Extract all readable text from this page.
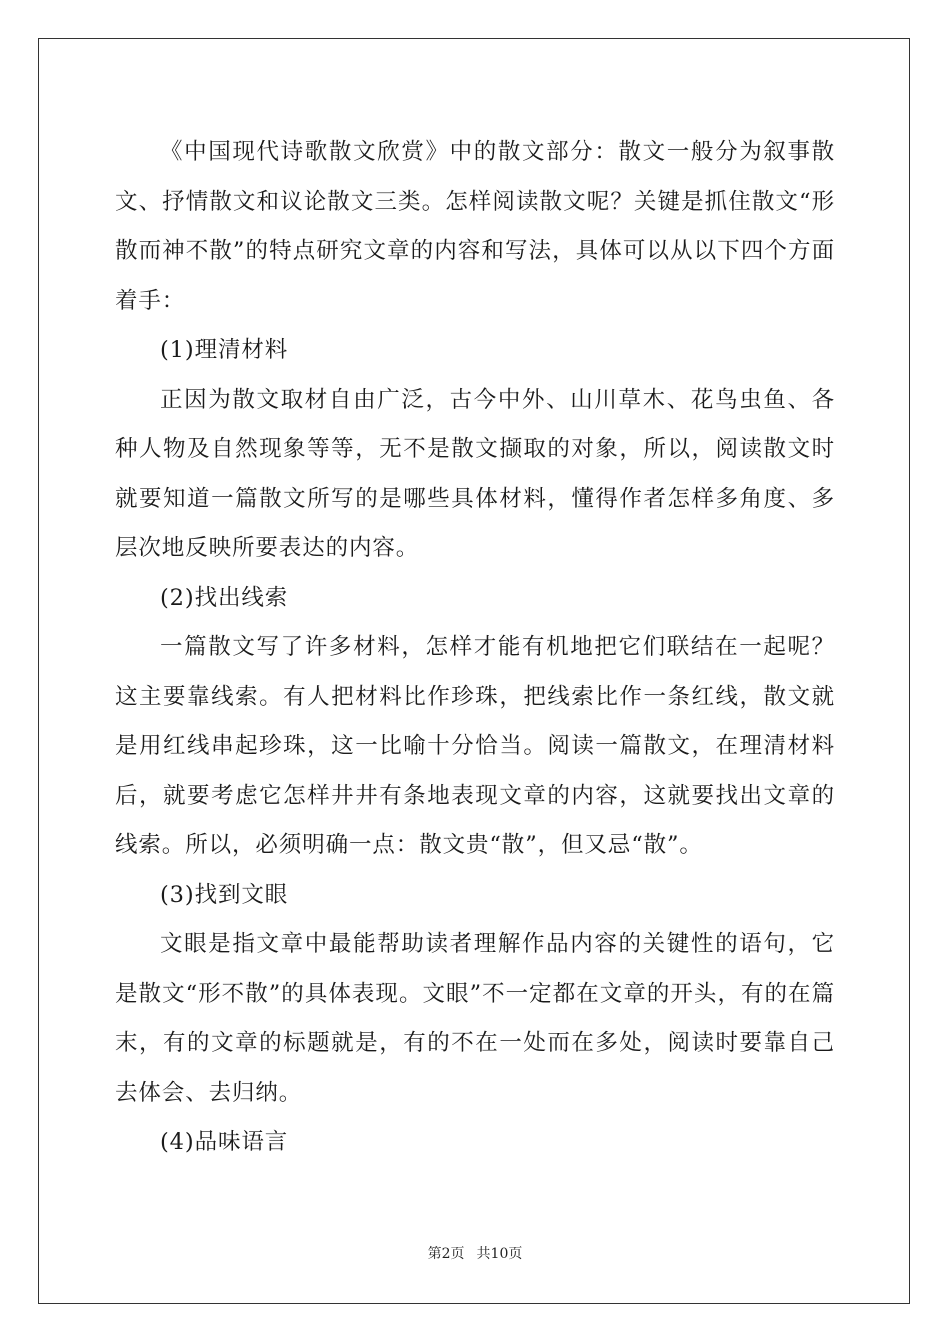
《中国现代诗歌散文欣赏》中的散文部分：散文一般分为叙事散文、抒情散文和议论散文三类。怎样阅读散文呢？关键是抓住散文“形散而神不散”的特点研究文章的内容和写法，具体可以从以下四个方面着手：

(1)理清材料

正因为散文取材自由广泛，古今中外、山川草木、花鸟虫鱼、各种人物及自然现象等等，无不是散文撷取的对象，所以，阅读散文时就要知道一篇散文所写的是哪些具体材料，懂得作者怎样多角度、多层次地反映所要表达的内容。

(2)找出线索

一篇散文写了许多材料，怎样才能有机地把它们联结在一起呢？这主要靠线索。有人把材料比作珍珠，把线索比作一条红线，散文就是用红线串起珍珠，这一比喻十分恰当。阅读一篇散文，在理清材料后，就要考虑它怎样井井有条地表现文章的内容，这就要找出文章的线索。所以，必须明确一点：散文贵“散”，但又忌“散”。

(3)找到文眼

文眼是指文章中最能帮助读者理解作品内容的关键性的语句，它是散文“形不散”的具体表现。文眼”不一定都在文章的开头，有的在篇末，有的文章的标题就是，有的不在一处而在多处，阅读时要靠自己去体会、去归纳。

(4)品味语言

第2页 共10页
